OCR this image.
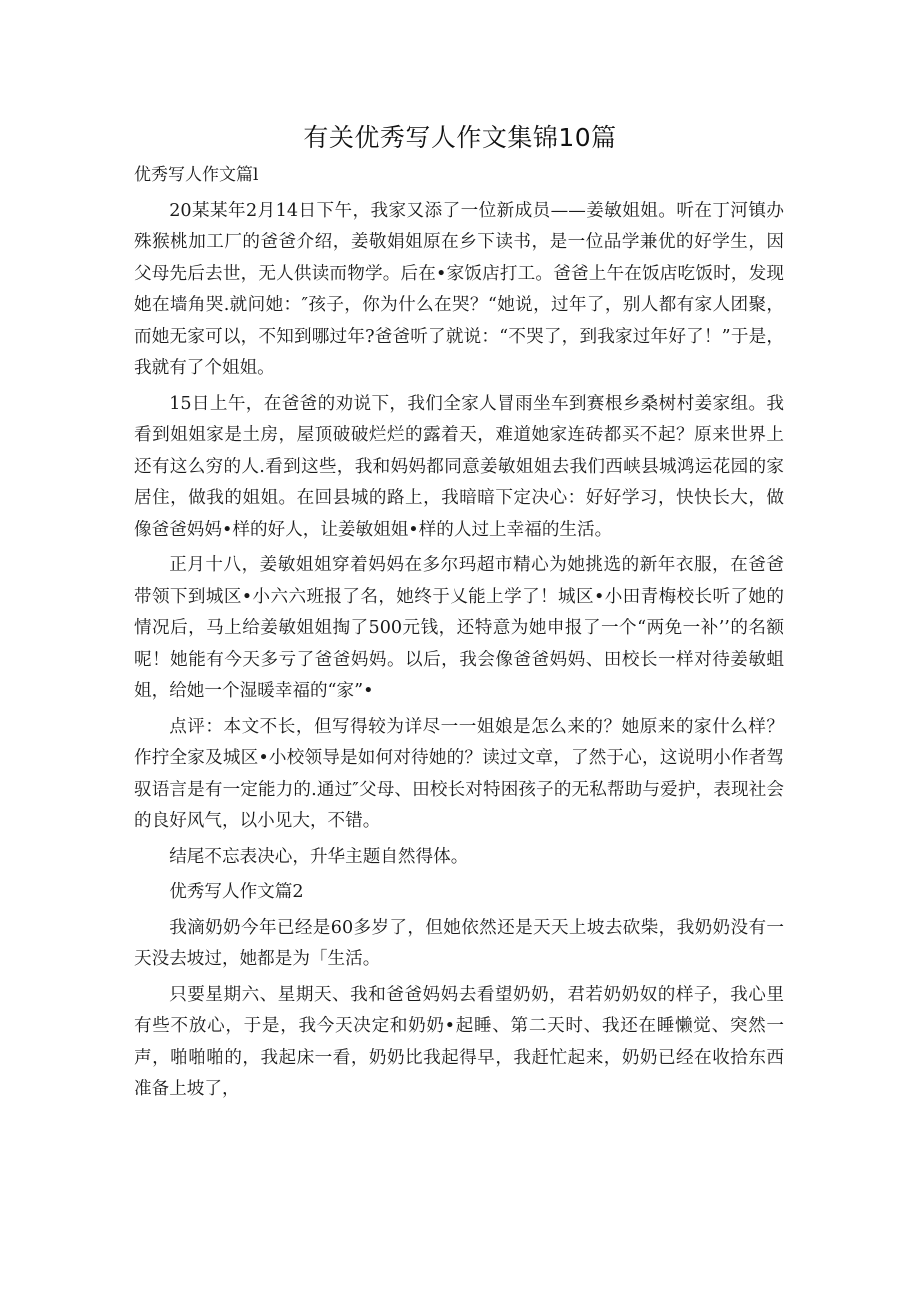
有关优秀写人作文集锦10篇

优秀写人作文篇l

20某某年2月14日下午，我家又添了一位新成员——姜敏姐姐。听在丁河镇办殊猴桃加工厂的爸爸介绍，姜敬娟姐原在乡下读书，是一位品学兼优的好学生，因父母先后去世，无人供读而物学。后在•家饭店打工。爸爸上午在饭店吃饭时，发现她在墙角哭.就问她：″孩子，你为什么在哭？“她说，过年了，别人都有家人团聚，而她无家可以，不知到哪过年?爸爸听了就说：“不哭了，到我家过年好了！”于是，我就有了个姐姐。

15日上午，在爸爸的劝说下，我们全家人冒雨坐车到赛根乡桑树村姜家组。我看到姐姐家是土房，屋顶破破烂烂的露着天，难道她家连砖都买不起？原来世界上还有这么穷的人.看到这些，我和妈妈都同意姜敏姐姐去我们西峡县城鸿运花园的家居住，做我的姐姐。在回县城的路上，我暗暗下定决心：好好学习，快快长大，做像爸爸妈妈•样的好人，让姜敏姐姐•样的人过上幸福的生活。

正月十八，姜敏姐姐穿着妈妈在多尔玛超市精心为她挑选的新年衣服，在爸爸带领下到城区•小六六班报了名，她终于乂能上学了！城区•小田青梅校长听了她的情况后，马上给姜敏姐姐掏了500元钱，还特意为她申报了一个“两免一补’’的名额呢！她能有今天多亏了爸爸妈妈。以后，我会像爸爸妈妈、田校长一样对待姜敏蛆姐，给她一个湿暖幸福的“家”•

点评：本文不长，但写得较为详尽一一姐娘是怎么来的？她原来的家什么样？作拧全家及城区•小校领导是如何对待她的？读过文章，了然于心，这说明小作者驾驭语言是有一定能力的.通过″父母、田校长对特困孩子的无私帮助与爱护，表现社会的良好风气，以小见大，不错。

结尾不忘表决心，升华主题自然得体。

优秀写人作文篇2

我滴奶奶今年已经是60多岁了，但她依然还是天天上坡去砍柴，我奶奶没有一天没去坡过，她都是为「生活。

只要星期六、星期天、我和爸爸妈妈去看望奶奶，君若奶奶奴的样子，我心里有些不放心，于是，我今天决定和奶奶•起睡、第二天时、我还在睡懒觉、突然一声，啪啪啪的，我起床一看，奶奶比我起得早，我赶忙起来，奶奶已经在收拾东西准备上坡了，
